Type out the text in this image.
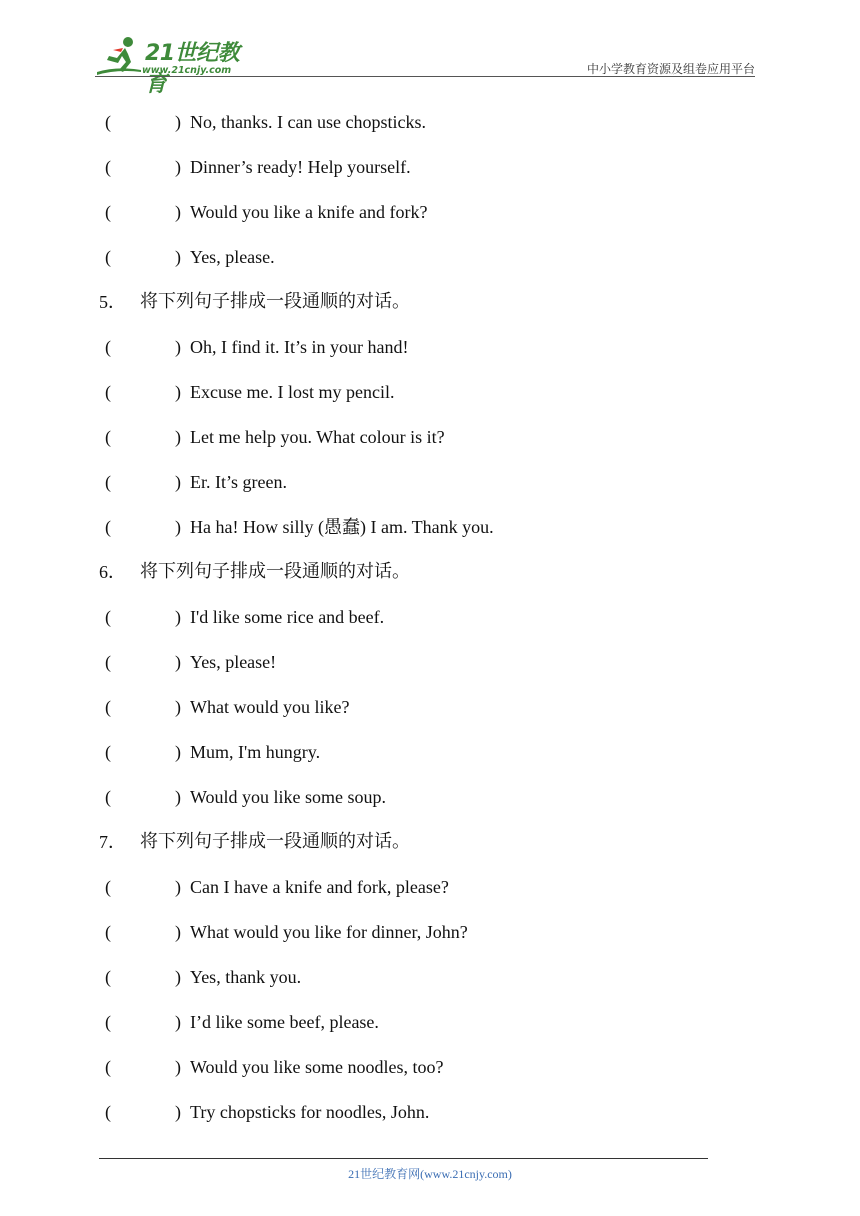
21世纪教育
www.21cnjy.com	中小学教育资源及组卷应用平台
(	) No, thanks. I can use chopsticks.
(	) Dinner’s ready! Help yourself.
(	) Would you like a knife and fork?
(	) Yes, please.
5． 将下列句子排成一段通顺的对话。
(	) Oh, I find it. It’s in your hand!
(	) Excuse me. I lost my pencil.
(	) Let me help you. What colour is it?
(	) Er. It’s green.
(	) Ha ha! How silly (愚蠢) I am. Thank you.
6． 将下列句子排成一段通顺的对话。
(	) I'd like some rice and beef.
(	) Yes, please!
(	) What would you like?
(	) Mum, I'm hungry.
(	) Would you like some soup.
7． 将下列句子排成一段通顺的对话。
(	) Can I have a knife and fork, please?
(	) What would you like for dinner, John?
(	) Yes, thank you.
(	) I’d like some beef, please.
(	) Would you like some noodles, too?
(	) Try chopsticks for noodles, John.
21世纪教育网(www.21cnjy.com)
